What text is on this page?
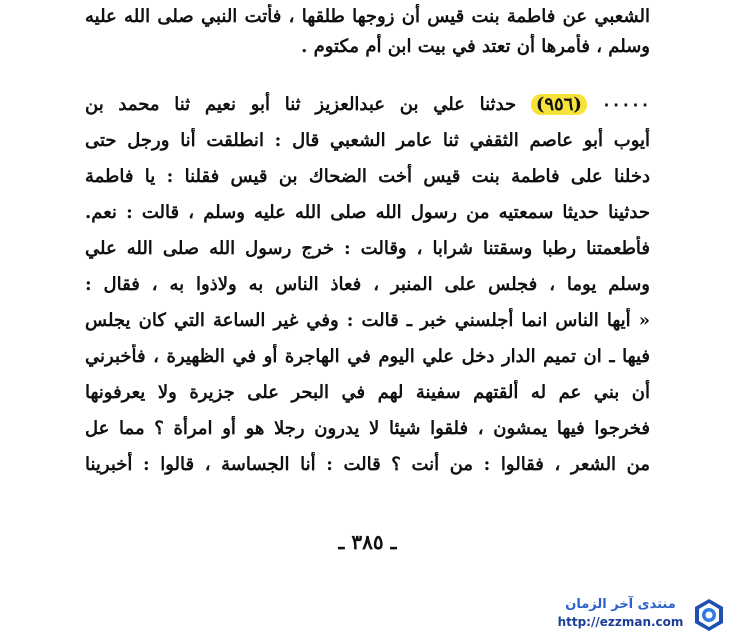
الشعبي عن فاطمة بنت قيس أن زوجها طلقها ، فأتت النبي صلى الله عليه
وسلم ، فأمرها أن تعتد في بيت ابن أم مكتوم .
٠٠٠٠٠ (٩٥٦) حدثنا علي بن عبدالعزيز ثنا أبو نعيم ثنا محمد بن
أيوب أبو عاصم الثقفي ثنا عامر الشعبي قال : انطلقت أنا ورجل حتى
دخلنا على فاطمة بنت قيس أخت الضحاك بن قيس فقلنا : يا فاطمة
حدثينا حديثا سمعتيه من رسول الله صلى الله عليه وسلم ، قالت : نعم.
فأطعمتنا رطبا وسقتنا شرابا ، وقالت : خرج رسول الله صلى الله علي
وسلم يوما ، فجلس على المنبر ، فعاذ الناس به ولاذوا به ، فقال :
« أيها الناس انما أجلسني خبر ـ قالت : وفي غير الساعة التي كان يجلس
فيها ـ ان تميم الدار دخل علي اليوم في الهاجرة أو في الظهيرة ، فأخبرني
أن بني عم له ألقتهم سفينة لهم في البحر على جزيرة ولا يعرفونها
فخرجوا فيها يمشون ، فلقوا شيئا لا يدرون رجلا هو أو امرأة ؟ مما عل
من الشعر ، فقالوا : من أنت ؟ قالت : أنا الجساسة ، قالوا : أخبرينا
ـ ٣٨٥ ـ
منتدى آخر الزمان
http://ezzman.com
